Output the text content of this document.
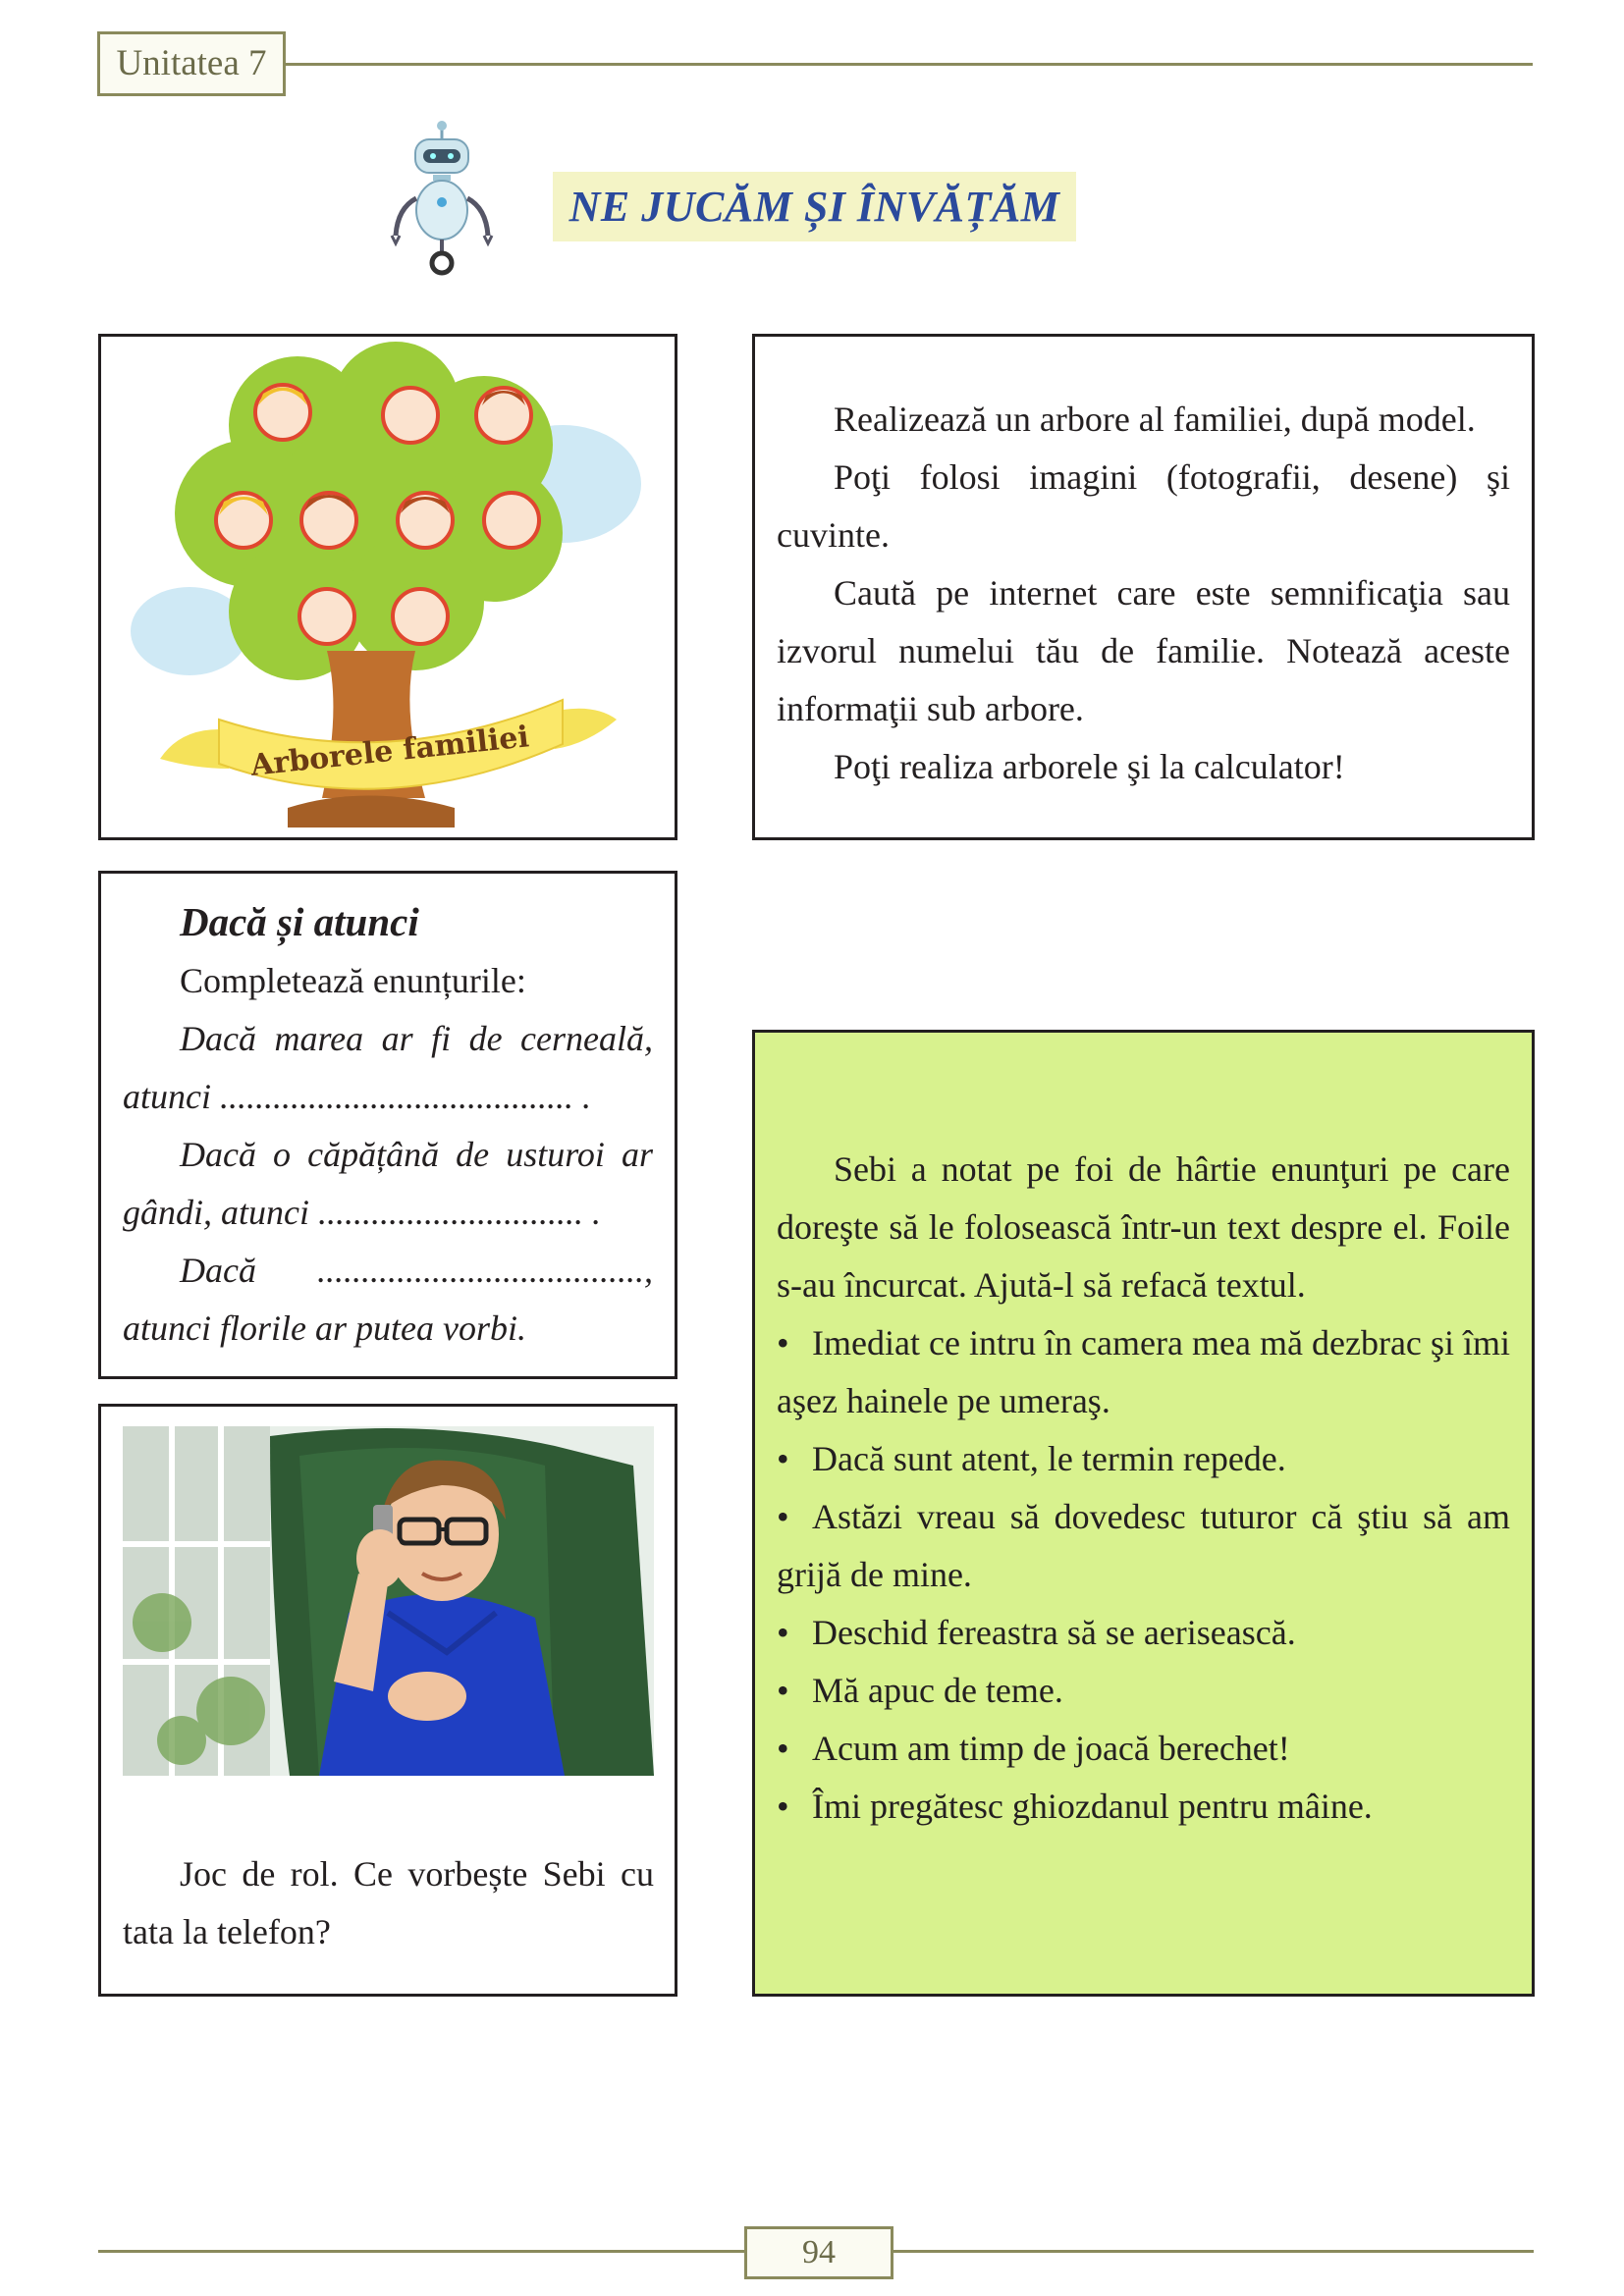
Unitatea 7
NE JUCĂM ȘI ÎNVĂȚĂM
Arborele familiei

Realizează un arbore al familiei, după model.

Poţi folosi imagini (fotografii, desene) şi cuvinte.

Caută pe internet care este semnificaţia sau izvorul numelui tău de familie. Notează aceste informaţii sub arbore.

Poţi realiza arborele şi la calculator!

Dacă și atunci

Completează enunțurile:

Dacă marea ar fi de cerneală, atunci ........................................ .

Dacă o căpățână de usturoi ar gândi, atunci .............................. .

Dacă ....................................., atunci florile ar putea vorbi.

Joc de rol. Ce vorbește Sebi cu tata la telefon?

Sebi a notat pe foi de hârtie enunţuri pe care doreşte să le folosească într-un text despre el. Foile s-au încurcat. Ajută-l să refacă textul.

• Imediat ce intru în camera mea mă dezbrac şi îmi aşez hainele pe umeraş.

• Dacă sunt atent, le termin repede.

• Astăzi vreau să dovedesc tuturor că ştiu să am grijă de mine.

• Deschid fereastra să se aerisească.

• Mă apuc de teme.

• Acum am timp de joacă berechet!

• Îmi pregătesc ghiozdanul pentru mâine.

94
